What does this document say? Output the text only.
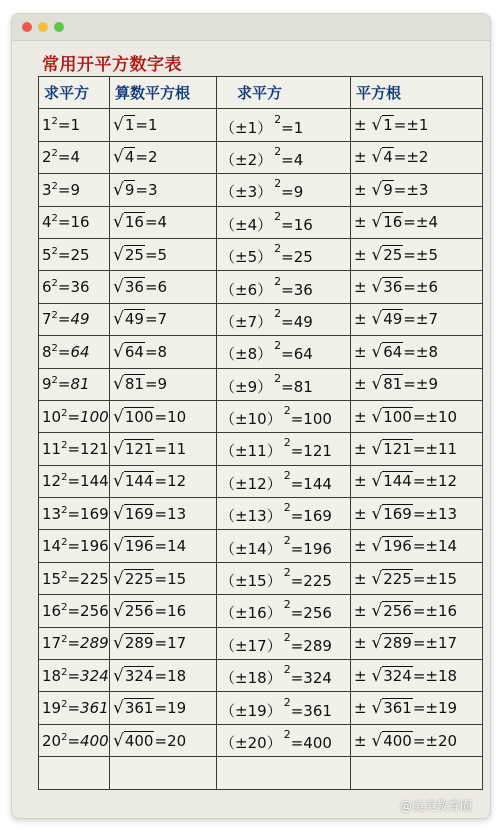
常用开平方数字表
求平方	算数平方根	求平方	平方根
$1^2=1$	√1=1	（±1） $^2$=1	± √1=±1
$2^2=4$	√4=2	（±2） $^2$=4	± √4=±2
$3^2=9$	√9=3	（±3） $^2$=9	± √9=±3
$4^2=16$	√16=4	（±4） $^2$=16	± √16=±4
$5^2=25$	√25=5	（±5） $^2$=25	± √25=±5
$6^2=36$	√36=6	（±6） $^2$=36	± √36=±6
$7^2=49$	√49=7	（±7） $^2$=49	± √49=±7
$8^2=64$	√64=8	（±8） $^2$=64	± √64=±8
$9^2=81$	√81=9	（±9） $^2$=81	± √81=±9
$10^2=100$	√100=10	（±10） $^2$=100	± √100=±10
$11^2=121$	√121=11	（±11） $^2$=121	± √121=±11
$12^2=144$	√144=12	（±12） $^2$=144	± √144=±12
$13^2=169$	√169=13	（±13） $^2$=169	± √169=±13
$14^2=196$	√196=14	（±14） $^2$=196	± √196=±14
$15^2=225$	√225=15	（±15） $^2$=225	± √225=±15
$16^2=256$	√256=16	（±16） $^2$=256	± √256=±16
$17^2=289$	√289=17	（±17） $^2$=289	± √289=±17
$18^2=324$	√324=18	（±18） $^2$=324	± √324=±18
$19^2=361$	√361=19	（±19） $^2$=361	± √361=±19
$20^2=400$	√400=20	（±20） $^2$=400	± √400=±20

@美美教育圈
